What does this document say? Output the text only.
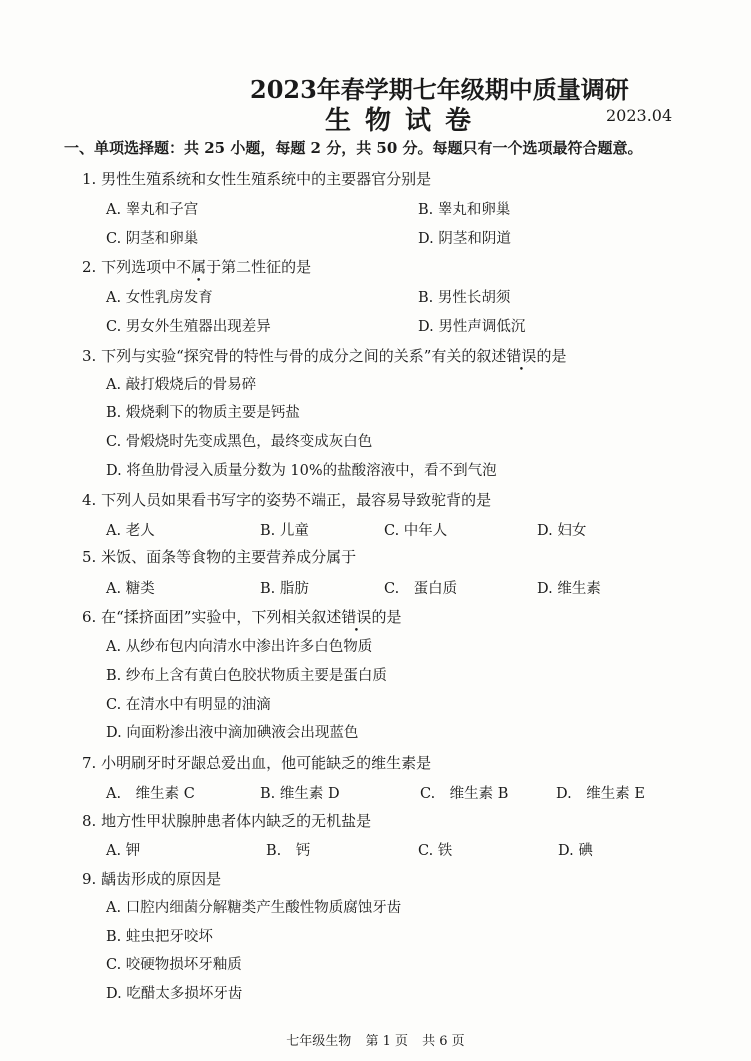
2023年春学期七年级期中质量调研
生物试卷	2023.04
一、单项选择题：共 25 小题，每题 2 分，共 50 分。每题只有一个选项最符合题意。
1. 男性生殖系统和女性生殖系统中的主要器官分别是
A. 睾丸和子宫	B. 睾丸和卵巢
C. 阴茎和卵巢	D. 阴茎和阴道
2. 下列选项中不属于第二性征的是
A. 女性乳房发育	B. 男性长胡须
C. 男女外生殖器出现差异	D. 男性声调低沉
3. 下列与实验“探究骨的特性与骨的成分之间的关系”有关的叙述错误的是
A. 敲打煅烧后的骨易碎
B. 煅烧剩下的物质主要是钙盐
C. 骨煅烧时先变成黑色，最终变成灰白色
D. 将鱼肋骨浸入质量分数为 10%的盐酸溶液中，看不到气泡
4. 下列人员如果看书写字的姿势不端正，最容易导致驼背的是
A. 老人	B. 儿童	C. 中年人	D. 妇女
5. 米饭、面条等食物的主要营养成分属于
A. 糖类	B. 脂肪	C.　蛋白质	D. 维生素
6. 在“揉挤面团”实验中，下列相关叙述错误的是
A. 从纱布包内向清水中渗出许多白色物质
B. 纱布上含有黄白色胶状物质主要是蛋白质
C. 在清水中有明显的油滴
D. 向面粉渗出液中滴加碘液会出现蓝色
7. 小明刷牙时牙龈总爱出血，他可能缺乏的维生素是
A.　维生素 C	B. 维生素 D	C.　维生素 B	D.　维生素 E
8. 地方性甲状腺肿患者体内缺乏的无机盐是
A. 钾	B.　钙	C. 铁	D. 碘
9. 龋齿形成的原因是
A. 口腔内细菌分解糖类产生酸性物质腐蚀牙齿
B. 蛀虫把牙咬坏
C. 咬硬物损坏牙釉质
D. 吃醋太多损坏牙齿
七年级生物 第 1 页 共 6 页
